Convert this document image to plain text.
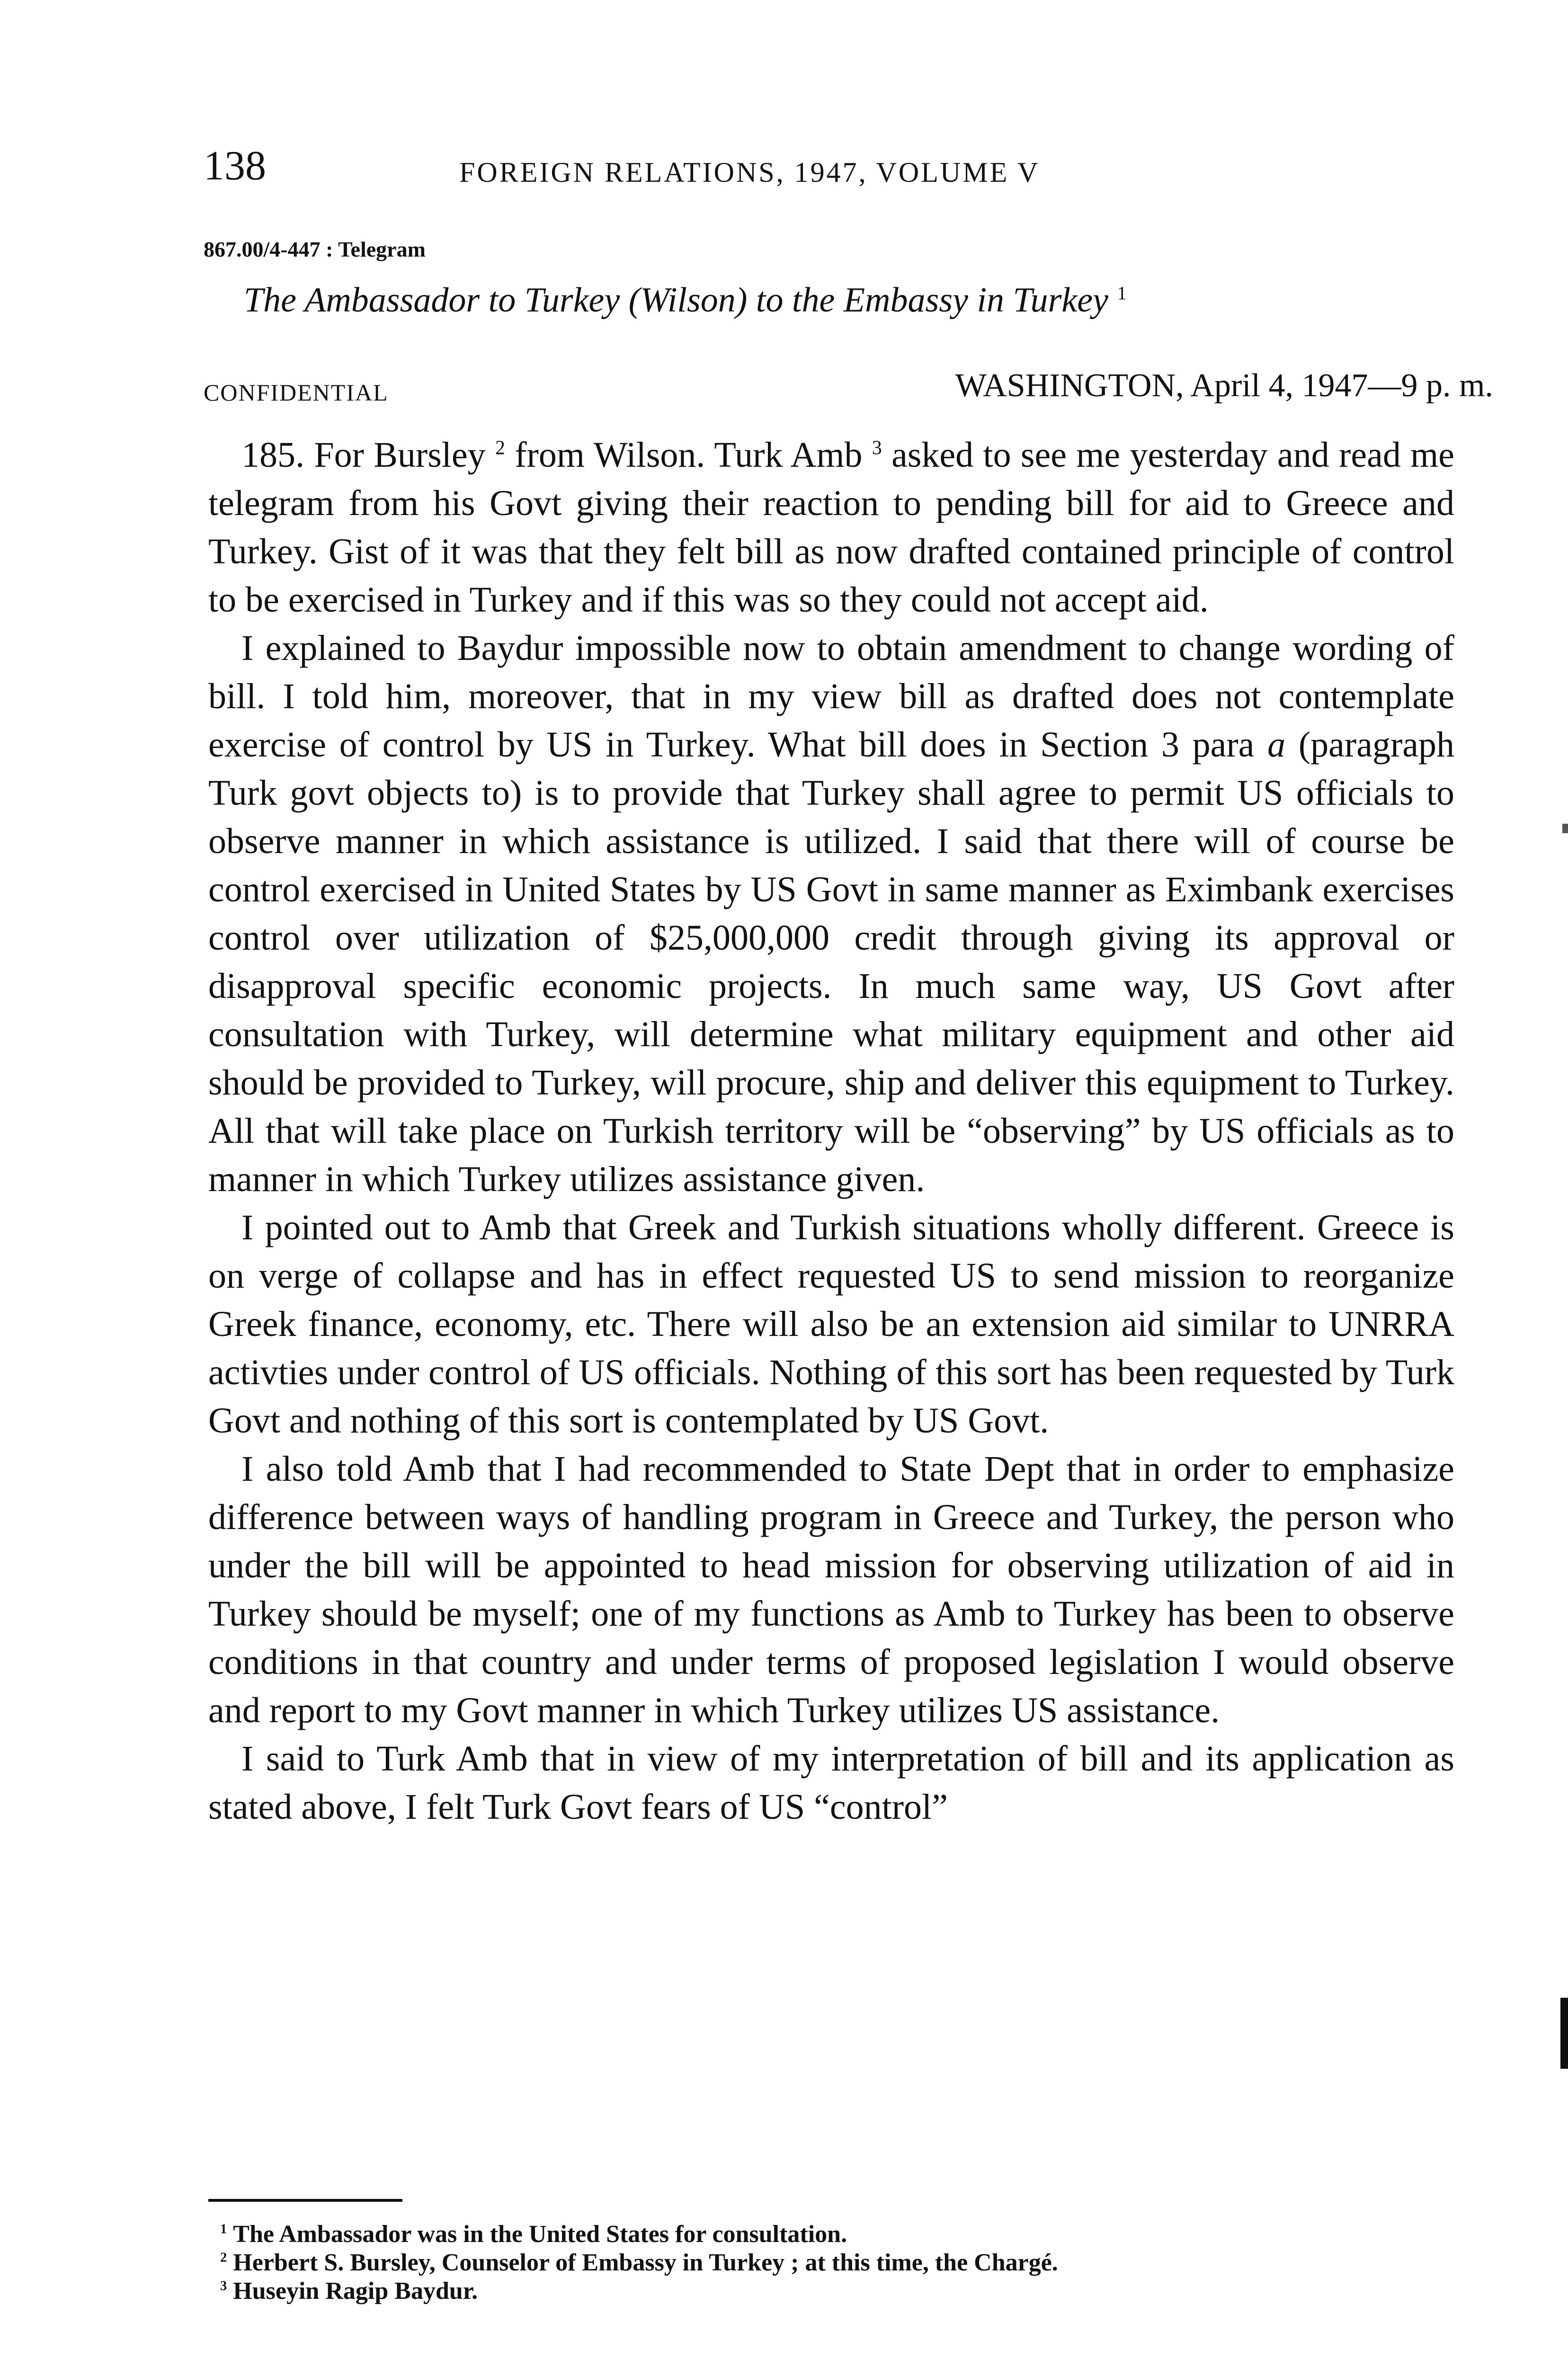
138	FOREIGN RELATIONS, 1947, VOLUME V
867.00/4-447 : Telegram
The Ambassador to Turkey (Wilson) to the Embassy in Turkey $^1$
CONFIDENTIAL	WASHINGTON, April 4, 1947—9 p. m.

185. For Bursley $^2$ from Wilson. Turk Amb $^3$ asked to see me yesterday and read me telegram from his Govt giving their reaction to pending bill for aid to Greece and Turkey. Gist of it was that they felt bill as now drafted contained principle of control to be exercised in Turkey and if this was so they could not accept aid.

I explained to Baydur impossible now to obtain amendment to change wording of bill. I told him, moreover, that in my view bill as drafted does not contemplate exercise of control by US in Turkey. What bill does in Section 3 para a (paragraph Turk govt objects to) is to provide that Turkey shall agree to permit US officials to observe manner in which assistance is utilized. I said that there will of course be control exercised in United States by US Govt in same manner as Eximbank exercises control over utilization of $25,000,000 credit through giving its approval or disapproval specific economic projects. In much same way, US Govt after consultation with Turkey, will determine what military equipment and other aid should be provided to Turkey, will procure, ship and deliver this equipment to Turkey. All that will take place on Turkish territory will be “observing” by US officials as to manner in which Turkey utilizes assistance given.

I pointed out to Amb that Greek and Turkish situations wholly different. Greece is on verge of collapse and has in effect requested US to send mission to reorganize Greek finance, economy, etc. There will also be an extension aid similar to UNRRA activties under control of US officials. Nothing of this sort has been requested by Turk Govt and nothing of this sort is contemplated by US Govt.

I also told Amb that I had recommended to State Dept that in order to emphasize difference between ways of handling program in Greece and Turkey, the person who under the bill will be appointed to head mission for observing utilization of aid in Turkey should be myself; one of my functions as Amb to Turkey has been to observe conditions in that country and under terms of proposed legislation I would observe and report to my Govt manner in which Turkey utilizes US assistance.

I said to Turk Amb that in view of my interpretation of bill and its application as stated above, I felt Turk Govt fears of US “control”

$^1$ The Ambassador was in the United States for consultation.
$^2$ Herbert S. Bursley, Counselor of Embassy in Turkey ; at this time, the Chargé.
$^3$ Huseyin Ragip Baydur.
